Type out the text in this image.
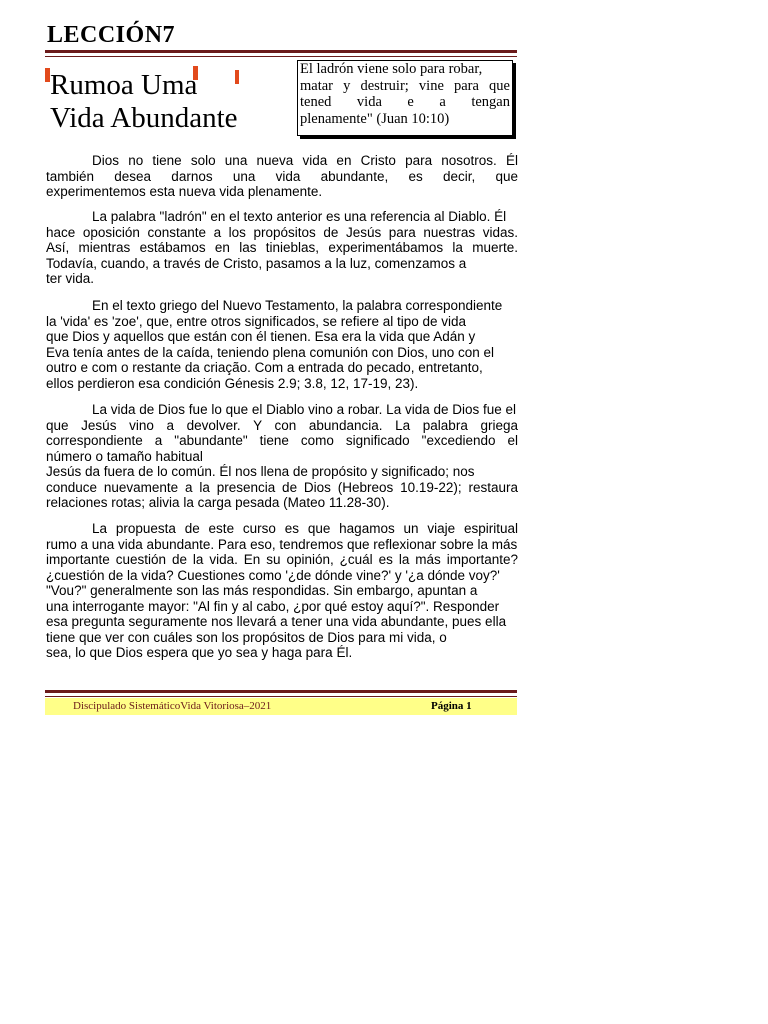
LECCIÓN7
Rumoa Uma
Vida Abundante
El ladrón viene solo para robar,
matar y destruir; vine para que
tened vida e a tengan
plenamente" (Juan 10:10)
Dios no tiene solo una nueva vida en Cristo para nosotros. Él
también desea darnos una vida abundante, es decir, que
experimentemos esta nueva vida plenamente.
La palabra "ladrón" en el texto anterior es una referencia al Diablo. Él
hace oposición constante a los propósitos de Jesús para nuestras vidas.
Así, mientras estábamos en las tinieblas, experimentábamos la muerte.
Todavía, cuando, a través de Cristo, pasamos a la luz, comenzamos a
ter vida.
En el texto griego del Nuevo Testamento, la palabra correspondiente
la 'vida' es 'zoe', que, entre otros significados, se refiere al tipo de vida
que Dios y aquellos que están con él tienen. Esa era la vida que Adán y
Eva tenía antes de la caída, teniendo plena comunión con Dios, uno con el
outro e com o restante da criação. Com a entrada do pecado, entretanto,
ellos perdieron esa condición Génesis 2.9; 3.8, 12, 17-19, 23).
La vida de Dios fue lo que el Diablo vino a robar. La vida de Dios fue el
que Jesús vino a devolver. Y con abundancia. La palabra griega
correspondiente a "abundante" tiene como significado "excediendo el
número o tamaño habitual
Jesús da fuera de lo común. Él nos llena de propósito y significado; nos
conduce nuevamente a la presencia de Dios (Hebreos 10.19-22); restaura
relaciones rotas; alivia la carga pesada (Mateo 11.28-30).
La propuesta de este curso es que hagamos un viaje espiritual
rumo a una vida abundante. Para eso, tendremos que reflexionar sobre la más
importante cuestión de la vida. En su opinión, ¿cuál es la más importante?
¿cuestión de la vida? Cuestiones como '¿de dónde vine?' y '¿a dónde voy?'
"Vou?" generalmente son las más respondidas. Sin embargo, apuntan a
una interrogante mayor: "Al fin y al cabo, ¿por qué estoy aquí?". Responder
esa pregunta seguramente nos llevará a tener una vida abundante, pues ella
tiene que ver con cuáles son los propósitos de Dios para mi vida, o
sea, lo que Dios espera que yo sea y haga para Él.
Discipulado SistemáticoVida Vitoriosa–2021	Página 1
